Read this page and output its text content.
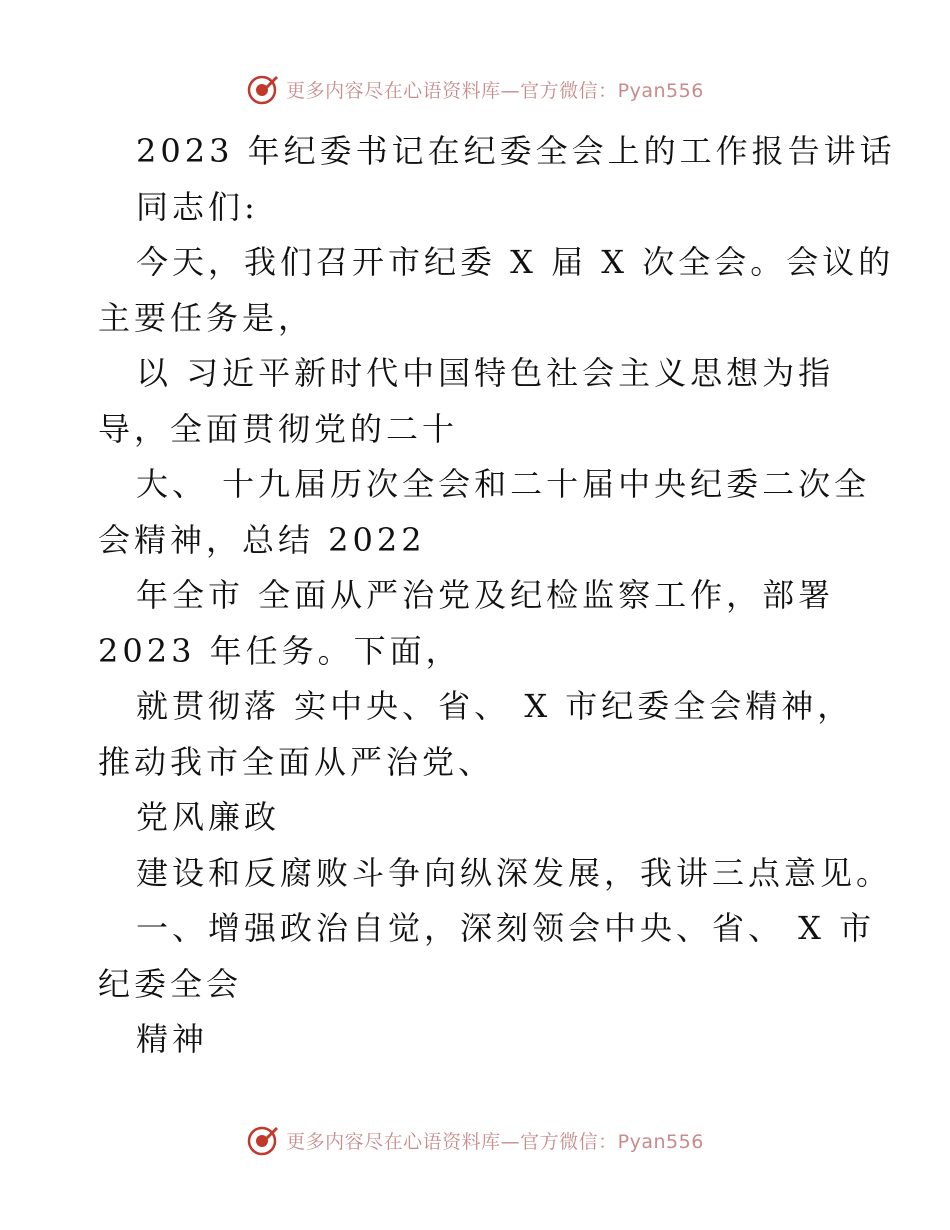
更多内容尽在心语资料库—官方微信：Pyan556
2023 年纪委书记在纪委全会上的工作报告讲话
同志们:
今天，我们召开市纪委 X 届 X 次全会。会议的
主要任务是，
以 习近平新时代中国特色社会主义思想为指
导，全面贯彻党的二十
大、 十九届历次全会和二十届中央纪委二次全
会精神，总结 2022
年全市 全面从严治党及纪检监察工作，部署
2023 年任务。下面，
就贯彻落 实中央、省、 X 市纪委全会精神，
推动我市全面从严治党、
党风廉政
建设和反腐败斗争向纵深发展，我讲三点意见。
一、增强政治自觉，深刻领会中央、省、 X 市
纪委全会
精神
更多内容尽在心语资料库—官方微信：Pyan556
